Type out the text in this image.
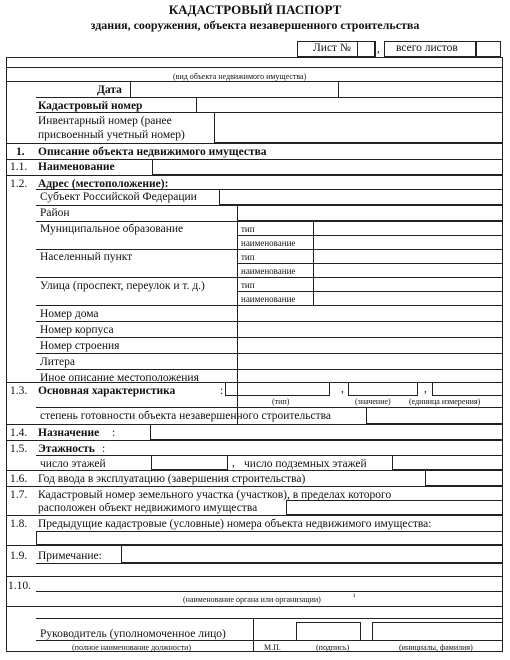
КАДАСТРОВЫЙ ПАСПОРТ
здания, сооружения, объекта незавершенного строительства
Лист № , всего листов
(вид объекта недвижимого имущества)
Дата
Кадастровый номер
Инвентарный номер (ранее
присвоенный учетный номер)
1. Описание объекта недвижимого имущества
1.1. Наименование
1.2. Адрес (местоположение):
Субъект Российской Федерации
Район
Муниципальное образование	тип
наименование
Населенный пункт	тип
наименование
Улица (проспект, переулок и т. д.)	тип
наименование
Номер дома
Номер корпуса
Номер строения
Литера
Иное описание местоположения
1.3. Основная характеристика	:	,	,
(тип)	(значение) (единица измерения)
степень готовности объекта незавершенного строительства
1.4. Назначение :
1.5. Этажность :
число этажей	, число подземных этажей
1.6. Год ввода в эксплуатацию (завершения строительства)
1.7. Кадастровый номер земельного участка (участков), в пределах которого
расположен объект недвижимого имущества
1.8. Предыдущие кадастровые (условные) номера объекта недвижимого имущества:
1.9. Примечание:
1.10.
(наименование органа или организации)	¹
Руководитель (уполномоченное лицо)
(полное наименование должности)	М.П.	(подпись)	(инициалы, фамилия)
